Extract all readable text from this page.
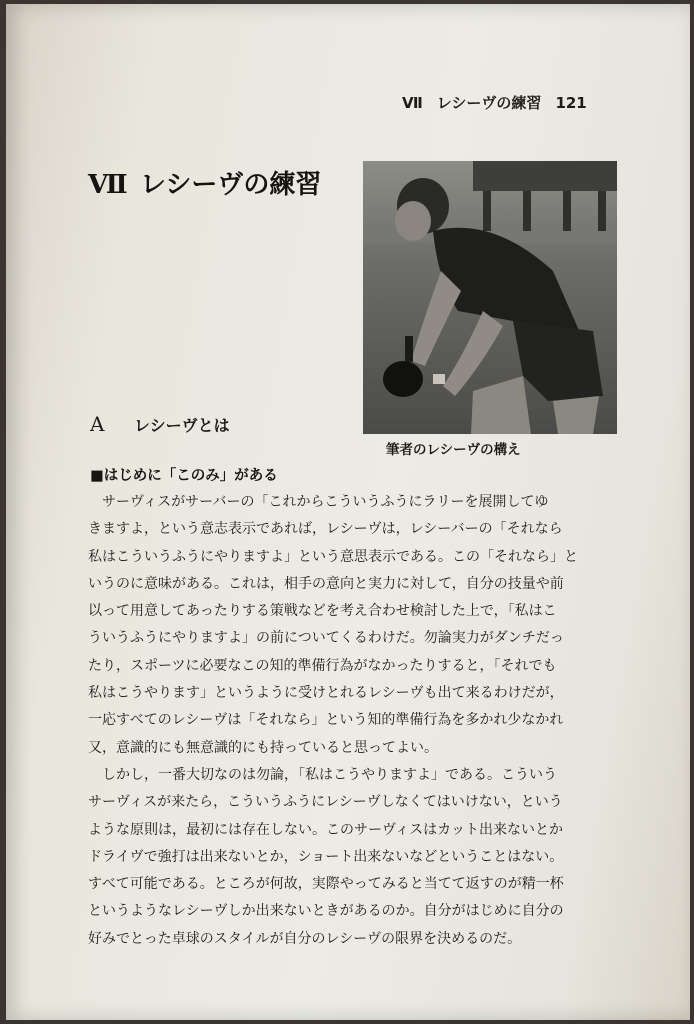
Ⅶ レシーヴの練習 121
Ⅶ レシーヴの練習
筆者のレシーヴの構え
A レシーヴとは
■はじめに「このみ」がある
　サーヴィスがサーバーの「これからこういうふうにラリーを展開してゆ
きますよ，という意志表示であれば，レシーヴは，レシーバーの「それなら
私はこういうふうにやりますよ」という意思表示である。この「それなら」と
いうのに意味がある。これは，相手の意向と実力に対して，自分の技量や前
以って用意してあったりする策戦などを考え合わせ検討した上で，「私はこ
ういうふうにやりますよ」の前についてくるわけだ。勿論実力がダンチだっ
たり，スポーツに必要なこの知的準備行為がなかったりすると，「それでも
私はこうやります」というように受けとれるレシーヴも出て来るわけだが，
一応すべてのレシーヴは「それなら」という知的準備行為を多かれ少なかれ
又，意識的にも無意識的にも持っていると思ってよい。
　しかし，一番大切なのは勿論，「私はこうやりますよ」である。こういう
サーヴィスが来たら，こういうふうにレシーヴしなくてはいけない，という
ような原則は，最初には存在しない。このサーヴィスはカット出来ないとか
ドライヴで強打は出来ないとか，ショート出来ないなどということはない。
すべて可能である。ところが何故，実際やってみると当てて返すのが精一杯
というようなレシーヴしか出来ないときがあるのか。自分がはじめに自分の
好みでとった卓球のスタイルが自分のレシーヴの限界を決めるのだ。
